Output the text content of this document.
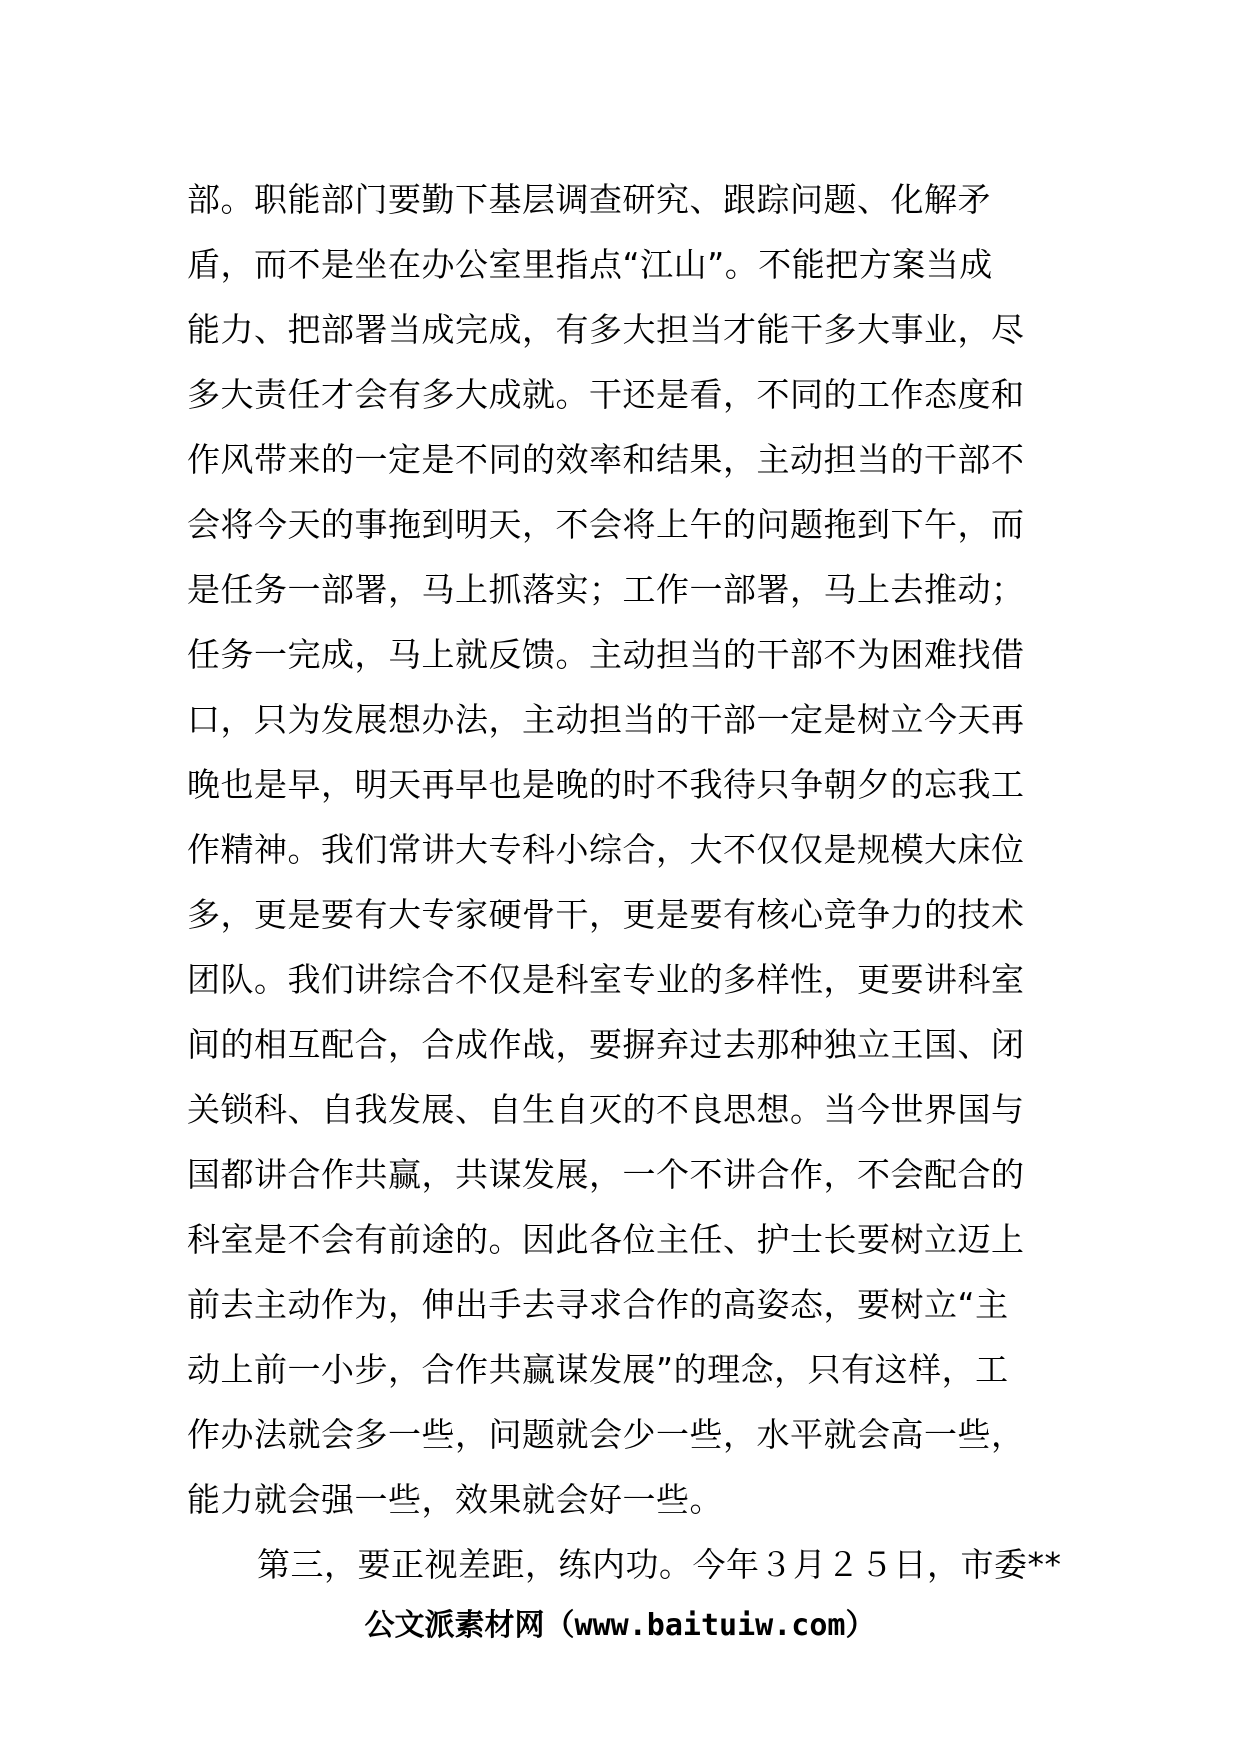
部。职能部门要勤下基层调查研究、跟踪问题、化解矛
盾，而不是坐在办公室里指点“江山”。不能把方案当成
能力、把部署当成完成，有多大担当才能干多大事业，尽
多大责任才会有多大成就。干还是看，不同的工作态度和
作风带来的一定是不同的效率和结果，主动担当的干部不
会将今天的事拖到明天，不会将上午的问题拖到下午，而
是任务一部署，马上抓落实；工作一部署，马上去推动；
任务一完成，马上就反馈。主动担当的干部不为困难找借
口，只为发展想办法，主动担当的干部一定是树立今天再
晚也是早，明天再早也是晚的时不我待只争朝夕的忘我工
作精神。我们常讲大专科小综合，大不仅仅是规模大床位
多，更是要有大专家硬骨干，更是要有核心竞争力的技术
团队。我们讲综合不仅是科室专业的多样性，更要讲科室
间的相互配合，合成作战，要摒弃过去那种独立王国、闭
关锁科、自我发展、自生自灭的不良思想。当今世界国与
国都讲合作共赢，共谋发展，一个不讲合作，不会配合的
科室是不会有前途的。因此各位主任、护士长要树立迈上
前去主动作为，伸出手去寻求合作的高姿态，要树立“主
动上前一小步，合作共赢谋发展”的理念，只有这样，工
作办法就会多一些，问题就会少一些，水平就会高一些，
能力就会强一些，效果就会好一些。
第三，要正视差距，练内功。今年３月２５日，市委**
公文派素材网（www.baituiw.com）
